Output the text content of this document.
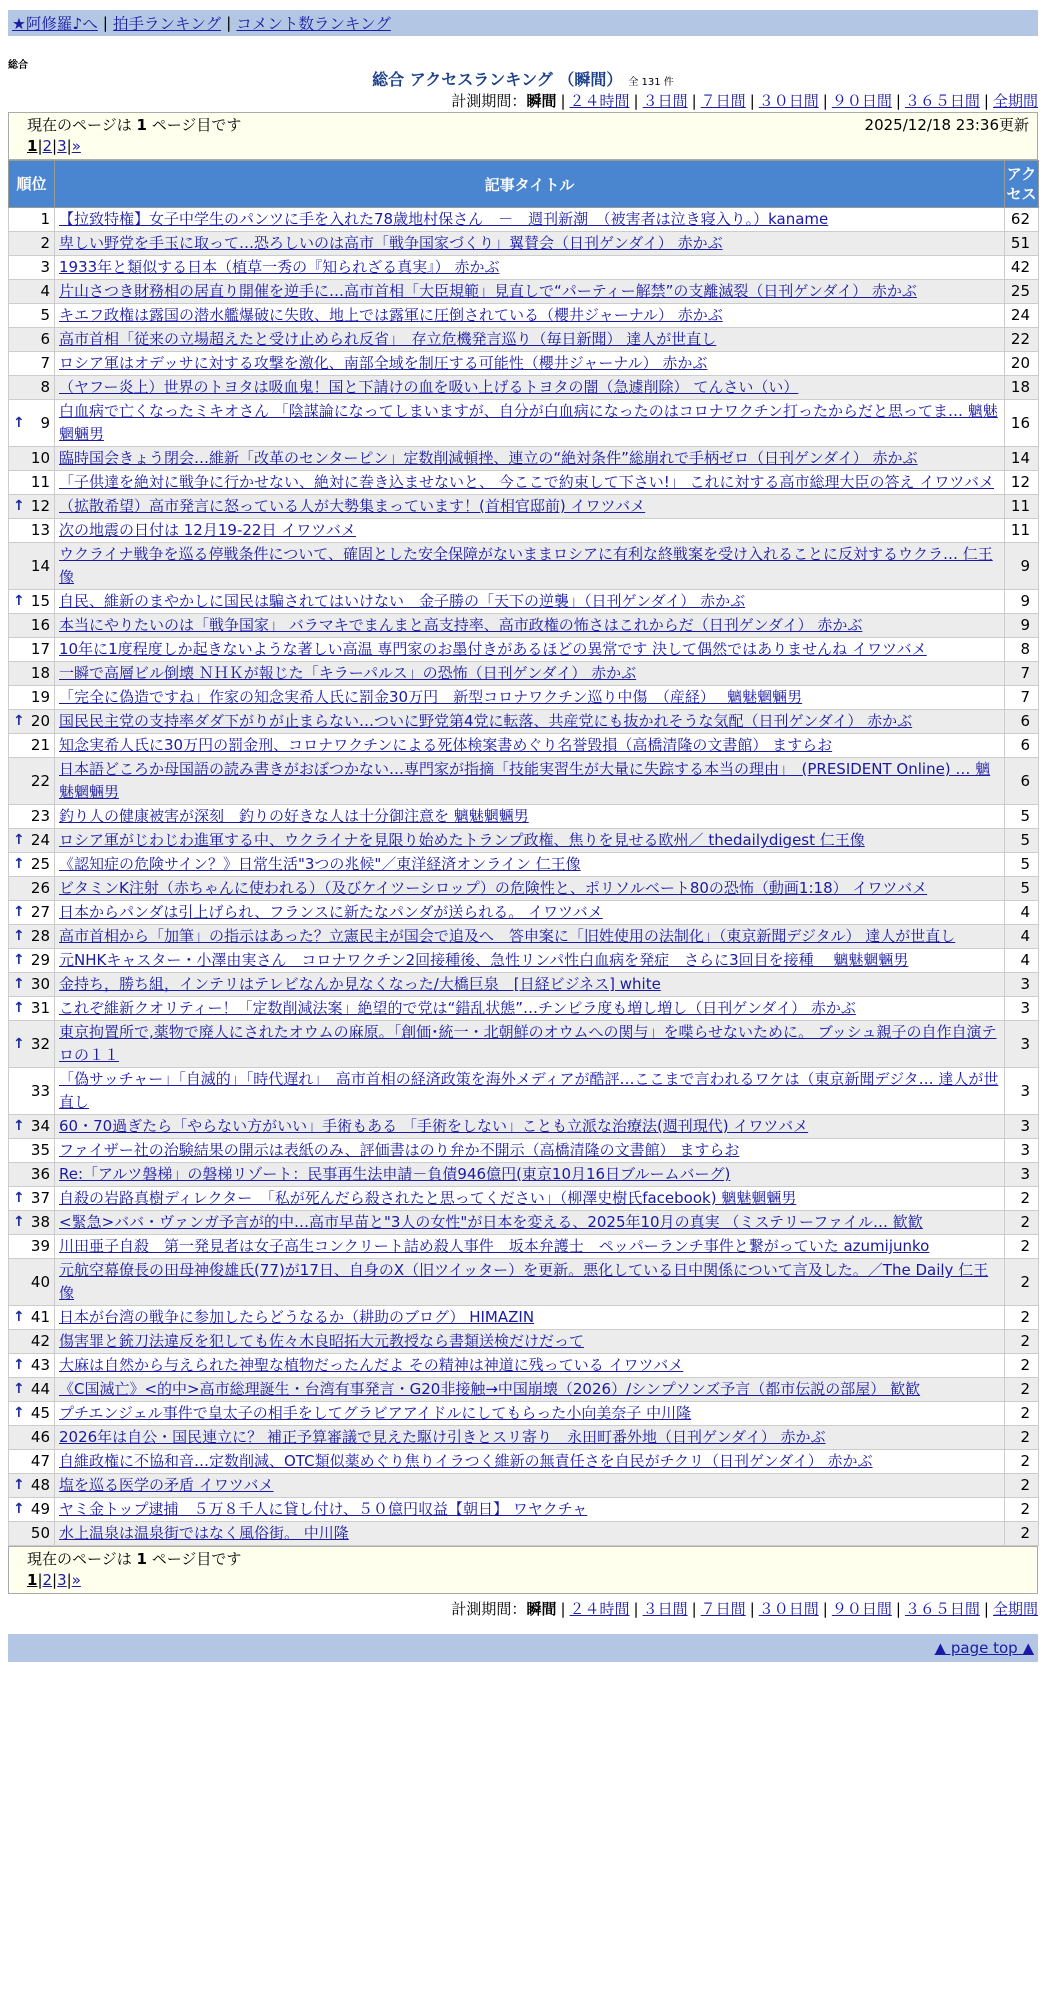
★阿修羅♪へ | 拍手ランキング | コメント数ランキング
総合
総合 アクセスランキング （瞬間） 全 131 件
計測期間：瞬間 | ２４時間 | ３日間 | ７日間 | ３０日間 | ９０日間 | ３６５日間 | 全期間
現在のページは 1 ページ目です	2025/12/18 23:36更新
1|2|3|»
順位	記事タイトル	アクセス
1	【拉致特権】女子中学生のパンツに手を入れた78歳地村保さん　－　週刊新潮　（被害者は泣き寝入り。）kaname	62
2	卑しい野党を手玉に取って…恐ろしいのは高市「戦争国家づくり」翼賛会（日刊ゲンダイ） 赤かぶ	51
3	1933年と類似する日本（植草一秀の『知られざる真実』） 赤かぶ	42
4	片山さつき財務相の居直り開催を逆手に…高市首相「大臣規範」見直しで“パーティー解禁”の支離滅裂（日刊ゲンダイ） 赤かぶ	25
5	キエフ政権は露国の潜水艦爆破に失敗、地上では露軍に圧倒されている（櫻井ジャーナル） 赤かぶ	24
6	高市首相「従来の立場超えたと受け止められ反省」　存立危機発言巡り（毎日新聞） 達人が世直し	22
7	ロシア軍はオデッサに対する攻撃を激化、南部全域を制圧する可能性（櫻井ジャーナル） 赤かぶ	20
8	（ヤフー炎上）世界のトヨタは吸血鬼！国と下請けの血を吸い上げるトヨタの闇（急遽削除） てんさい（い）	18

↑ 9	白血病で亡くなったミキオさん 「陰謀論になってしまいますが、自分が白血病になったのはコロナワクチン打ったからだと思ってま… 魑魅魍魎男	16
10	臨時国会きょう閉会…維新「改革のセンターピン」定数削減頓挫、連立の“絶対条件”総崩れで手柄ゼロ（日刊ゲンダイ） 赤かぶ	14
11	「子供達を絶対に戦争に行かせない、絶対に巻き込ませないと、 今ここで約束して下さい!」 これに対する高市総理大臣の答え イワツバメ	12

↑ 12	（拡散希望）高市発言に怒っている人が大勢集まっています！(首相官邸前) イワツバメ	11
13	次の地震の日付は 12月19-22日 イワツバメ	11
14	ウクライナ戦争を巡る停戦条件について、確固とした安全保障がないままロシアに有利な終戦案を受け入れることに反対するウクラ… 仁王像	9

↑ 15	自民、維新のまやかしに国民は騙されてはいけない　金子勝の「天下の逆襲」（日刊ゲンダイ） 赤かぶ	9
16	本当にやりたいのは「戦争国家」 バラマキでまんまと高支持率、高市政権の怖さはこれからだ（日刊ゲンダイ） 赤かぶ	9
17	10年に1度程度しか起きないような著しい高温 専門家のお墨付きがあるほどの異常です 決して偶然ではありませんね イワツバメ	8
18	一瞬で高層ビル倒壊 ＮＨＫが報じた「キラーパルス」の恐怖（日刊ゲンダイ） 赤かぶ	7
19	「完全に偽造ですね」作家の知念実希人氏に罰金30万円　新型コロナワクチン巡り中傷　（産経）　 魑魅魍魎男	7

↑ 20	国民民主党の支持率ダダ下がりが止まらない…ついに野党第4党に転落、共産党にも抜かれそうな気配（日刊ゲンダイ） 赤かぶ	6
21	知念実希人氏に30万円の罰金刑、コロナワクチンによる死体検案書めぐり名誉毀損（高橋清隆の文書館） ますらお	6
22	日本語どころか母国語の読み書きがおぼつかない…専門家が指摘「技能実習生が大量に失踪する本当の理由」　(PRESIDENT Online) … 魑魅魍魎男	6
23	釣り人の健康被害が深刻　釣りの好きな人は十分御注意を 魑魅魍魎男	5

↑ 24	ロシア軍がじわじわ進軍する中、ウクライナを見限り始めたトランプ政権、焦りを見せる欧州／ thedailydigest 仁王像	5

↑ 25	《認知症の危険サイン？》日常生活"3つの兆候"／東洋経済オンライン 仁王像	5
26	ビタミンK注射（赤ちゃんに使われる）（及びケイツーシロップ）の危険性と、ポリソルベート80の恐怖（動画1:18） イワツバメ	5

↑ 27	日本からパンダは引上げられ、フランスに新たなパンダが送られる。 イワツバメ	4

↑ 28	高市首相から「加筆」の指示はあった？立憲民主が国会で追及へ　答申案に「旧姓使用の法制化」（東京新聞デジタル） 達人が世直し	4

↑ 29	元NHKキャスター・小澤由実さん　コロナワクチン2回接種後、急性リンパ性白血病を発症　さらに3回目を接種　 魑魅魍魎男	4

↑ 30	金持ち，勝ち組，インテリはテレビなんか見なくなった/大橋巨泉　[日経ビジネス] white	3

↑ 31	これぞ維新クオリティー！「定数削減法案」絶望的で党は“錯乱状態”…チンピラ度も増し増し（日刊ゲンダイ） 赤かぶ	3

↑ 32	東京拘置所で,薬物で廃人にされたオウムの麻原。「創価･統一・北朝鮮のオウムへの関与」を喋らせないために。 ブッシュ親子の自作自演テロの１１	3
33	「偽サッチャー」「自滅的」「時代遅れ」　高市首相の経済政策を海外メディアが酷評…ここまで言われるワケは（東京新聞デジタ… 達人が世直し	3

↑ 34	60・70過ぎたら「やらない方がいい」手術もある 「手術をしない」ことも立派な治療法(週刊現代) イワツバメ	3
35	ファイザー社の治験結果の開示は表紙のみ、評価書はのり弁か不開示（高橋清隆の文書館） ますらお	3
36	Re:「アルツ磐梯」の磐梯リゾート：民事再生法申請－負債946億円(東京10月16日ブルームバーグ)	3

↑ 37	自殺の岩路真樹ディレクター　「私が死んだら殺されたと思ってください」（柳澤史樹氏facebook) 魑魅魍魎男	2

↑ 38	<緊急>ババ・ヴァンガ予言が的中…高市早苗と"3人の女性"が日本を変える、2025年10月の真実 （ミステリーファイル… 歓歓	2
39	川田亜子自殺　第一発見者は女子高生コンクリート詰め殺人事件　坂本弁護士　ペッパーランチ事件と繋がっていた azumijunko	2
40	元航空幕僚長の田母神俊雄氏(77)が17日、自身のX（旧ツイッター）を更新。悪化している日中関係について言及した。／The Daily 仁王像	2

↑ 41	日本が台湾の戦争に参加したらどうなるか（耕助のブログ） HIMAZIN	2
42	傷害罪と銃刀法違反を犯しても佐々木良昭拓大元教授なら書類送検だけだって	2

↑ 43	大麻は自然から与えられた神聖な植物だったんだよ その精神は神道に残っている イワツバメ	2

↑ 44	《C国滅亡》<的中>高市総理誕生・台湾有事発言・G20非接触→中国崩壊（2026）/シンプソンズ予言（都市伝説の部屋） 歓歓	2

↑ 45	プチエンジェル事件で皇太子の相手をしてグラビアアイドルにしてもらった小向美奈子 中川隆	2
46	2026年は自公・国民連立に？ 補正予算審議で見えた駆け引きとスリ寄り　永田町番外地（日刊ゲンダイ） 赤かぶ	2
47	自維政権に不協和音…定数削減、OTC類似薬めぐり焦りイラつく維新の無責任さを自民がチクリ（日刊ゲンダイ） 赤かぶ	2

↑ 48	塩を巡る医学の矛盾 イワツバメ	2

↑ 49	ヤミ金トップ逮捕　５万８千人に貸し付け、５０億円収益【朝日】 ワヤクチャ	2
50	水上温泉は温泉街ではなく風俗街。 中川隆	2
現在のページは 1 ページ目です
1|2|3|»
計測期間：瞬間 | ２４時間 | ３日間 | ７日間 | ３０日間 | ９０日間 | ３６５日間 | 全期間
▲ page top ▲
